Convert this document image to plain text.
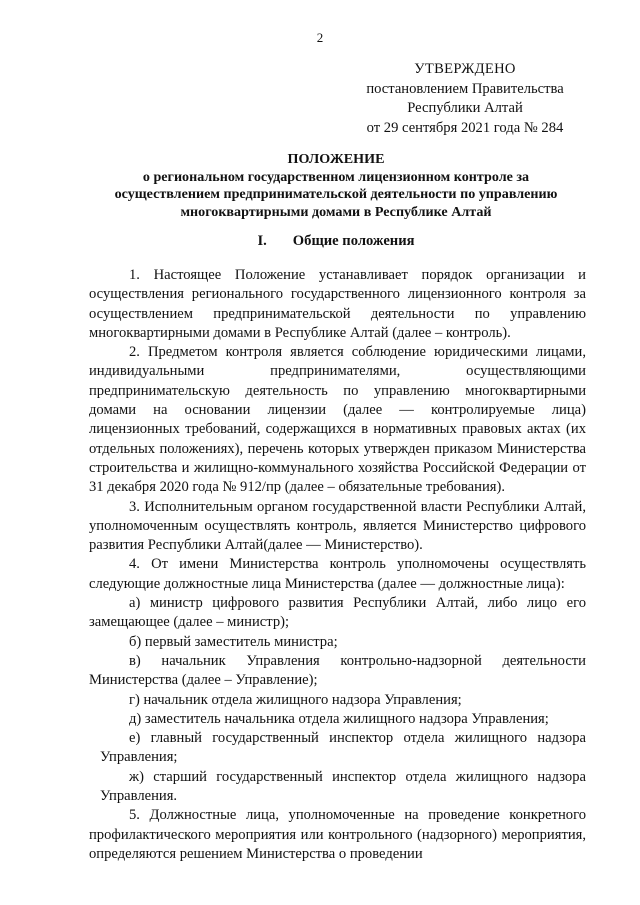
2
УТВЕРЖДЕНО
постановлением Правительства
Республики Алтай
от 29 сентября 2021 года № 284
ПОЛОЖЕНИЕ
о региональном государственном лицензионном контроле за
осуществлением предпринимательской деятельности по управлению
многоквартирными домами в Республике Алтай
I. Общие положения

1. Настоящее Положение устанавливает порядок организации и осуществления регионального государственного лицензионного контроля за осуществлением предпринимательской деятельности по управлению многоквартирными домами в Республике Алтай (далее – контроль).

2. Предметом контроля является соблюдение юридическими лицами, индивидуальными предпринимателями, осуществляющими предпринимательскую деятельность по управлению многоквартирными домами на основании лицензии (далее — контролируемые лица) лицензионных требований, содержащихся в нормативных правовых актах (их отдельных положениях), перечень которых утвержден приказом Министерства строительства и жилищно-коммунального хозяйства Российской Федерации от 31 декабря 2020 года № 912/пр (далее – обязательные требования).

3. Исполнительным органом государственной власти Республики Алтай, уполномоченным осуществлять контроль, является Министерство цифрового развития Республики Алтай(далее — Министерство).

4. От имени Министерства контроль уполномочены осуществлять следующие должностные лица Министерства (далее — должностные лица):

а) министр цифрового развития Республики Алтай, либо лицо его замещающее (далее – министр);

б) первый заместитель министра;

в) начальник Управления контрольно-надзорной деятельности Министерства (далее – Управление);

г) начальник отдела жилищного надзора Управления;

д) заместитель начальника отдела жилищного надзора Управления;

е) главный государственный инспектор отдела жилищного надзора Управления;

ж) старший государственный инспектор отдела жилищного надзора Управления.

5. Должностные лица, уполномоченные на проведение конкретного профилактического мероприятия или контрольного (надзорного) мероприятия, определяются решением Министерства о проведении
